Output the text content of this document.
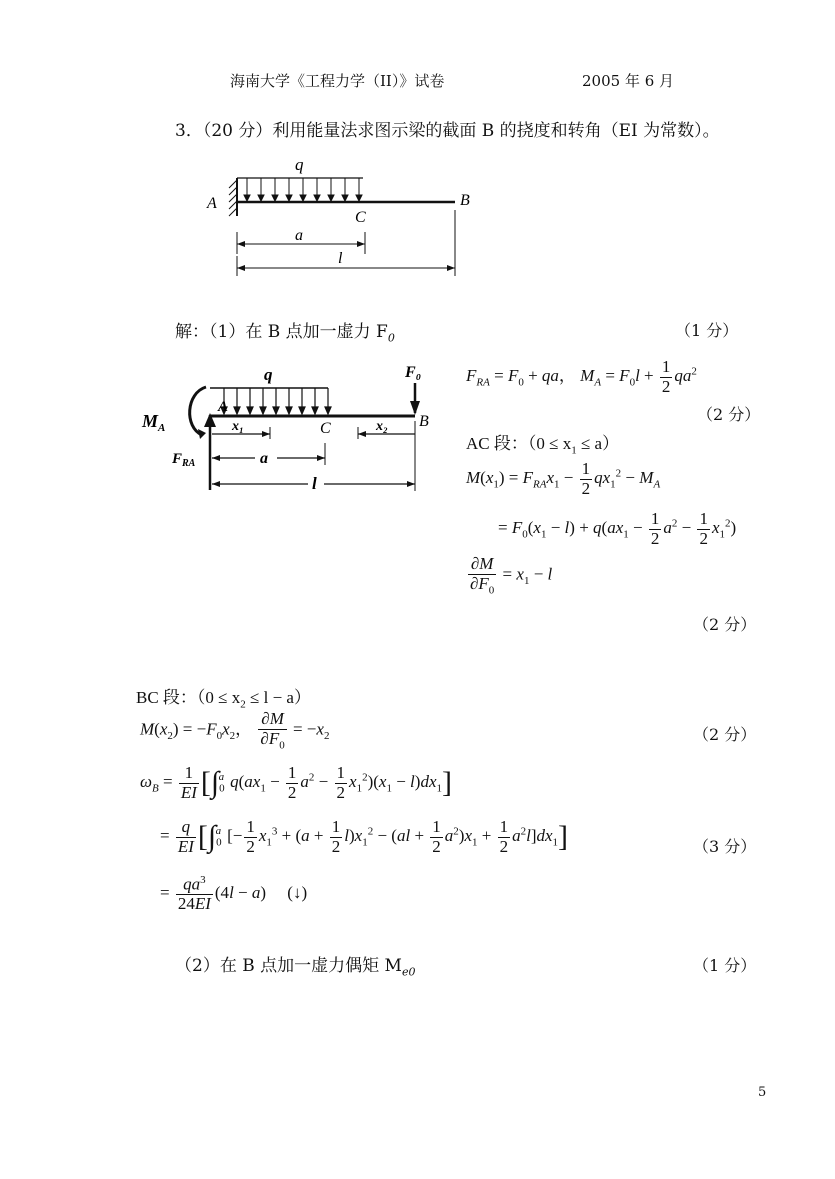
海南大学《工程力学（II）》试卷	2005 年 6 月
3．（20 分）利用能量法求图示梁的截面 B 的挠度和转角（EI 为常数）。
q
A	B
C
a
l
解：（1）在 B 点加一虚力 $F_0$	（1 分）
$M_A$
$F_{RA}$
q	F₀
A
B
C
x₁	x₂
a
l
$F_{RA} = F_0$ + qa， $M_A = F_0l + \frac{1}{2} qa^2$
（2 分）
AC 段：$(0 \le x_1 \le a)$
$M(x_1) = F_{RA}x_1 - \frac{1}{2} qx_1^2 - M_A$
= $F_0(x_1 - l) + q(ax_1 - \frac{1}{2} a^2 - \frac{1}{2} x_1^2)$
$\frac{\partial M}{\partial F_0} = x_1 - l$
（2 分）
BC 段：$(0 \le x_2 \le l - a)$
$M(x_2) = -F_0x_2$， $\frac{\partial M}{\partial F_0} = -x_2$	（2 分）
$\omega_B = \frac{1}{EI} [\int_0^a$ $q(ax_1 - \frac{1}{2} a^2 - \frac{1}{2} x_1^2)(x_1 - l)dx_1$]
= $\frac{q}{EI} [\int_0^a$ [− $\frac{1}{2} x_1^3 + (a + \frac{1}{2} l)x_1^2 - (al + \frac{1}{2} a^2)x_1 + \frac{1}{2} a^2l]dx_1$]	（3 分）
= $\frac{qa^3}{24EI} (4l - a)$     (↓)
（2）在 B 点加一虚力偶矩 $M_{e0}$	（1 分）
5
